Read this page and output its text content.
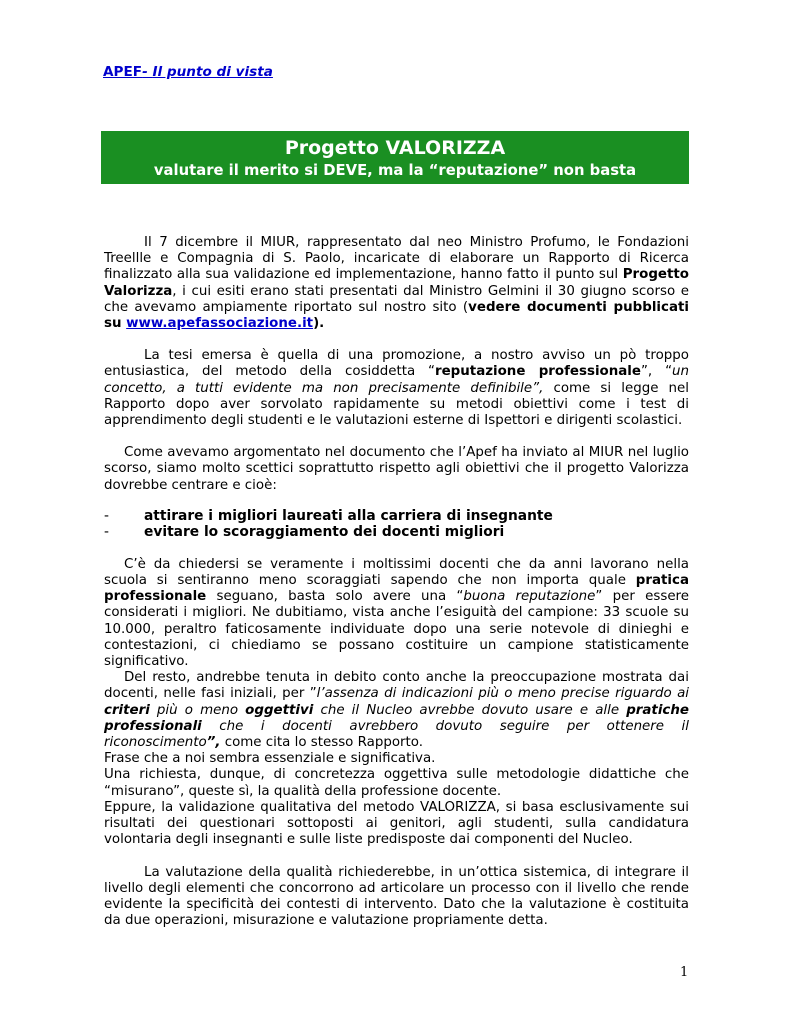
APEF- Il punto di vista
Progetto VALORIZZA
valutare il merito si DEVE, ma la “reputazione” non basta

Il 7 dicembre il MIUR, rappresentato dal neo Ministro Profumo, le Fondazioni Treellle e Compagnia di S. Paolo, incaricate di elaborare un Rapporto di Ricerca finalizzato alla sua validazione ed implementazione, hanno fatto il punto sul Progetto Valorizza, i cui esiti erano stati presentati dal Ministro Gelmini il 30 giugno scorso e che avevamo ampiamente riportato sul nostro sito (vedere documenti pubblicati su www.apefassociazione.it).

La tesi emersa è quella di una promozione, a nostro avviso un pò troppo entusiastica, del metodo della cosiddetta “reputazione professionale”, “un concetto, a tutti evidente ma non precisamente definibile”, come si legge nel Rapporto dopo aver sorvolato rapidamente su metodi obiettivi come i test di apprendimento degli studenti e le valutazioni esterne di Ispettori e dirigenti scolastici.

Come avevamo argomentato nel documento che l’Apef ha inviato al MIUR nel luglio scorso, siamo molto scettici soprattutto rispetto agli obiettivi che il progetto Valorizza dovrebbe centrare e cioè:

- attirare i migliori laureati alla carriera di insegnante
- evitare lo scoraggiamento dei docenti migliori

C’è da chiedersi se veramente i moltissimi docenti che da anni lavorano nella scuola si sentiranno meno scoraggiati sapendo che non importa quale pratica professionale seguano, basta solo avere una “buona reputazione” per essere considerati i migliori. Ne dubitiamo, vista anche l’esiguità del campione: 33 scuole su 10.000, peraltro faticosamente individuate dopo una serie notevole di dinieghi e contestazioni, ci chiediamo se possano costituire un campione statisticamente significativo.

Del resto, andrebbe tenuta in debito conto anche la preoccupazione mostrata dai docenti, nelle fasi iniziali, per ”l’assenza di indicazioni più o meno precise riguardo ai criteri più o meno oggettivi che il Nucleo avrebbe dovuto usare e alle pratiche professionali che i docenti avrebbero dovuto seguire per ottenere il riconoscimento”, come cita lo stesso Rapporto.

Frase che a noi sembra essenziale e significativa.

Una richiesta, dunque, di concretezza oggettiva sulle metodologie didattiche che “misurano”, queste sì, la qualità della professione docente.

Eppure, la validazione qualitativa del metodo VALORIZZA, si basa esclusivamente sui risultati dei questionari sottoposti ai genitori, agli studenti, sulla candidatura volontaria degli insegnanti e sulle liste predisposte dai componenti del Nucleo.

La valutazione della qualità richiederebbe, in un’ottica sistemica, di integrare il livello degli elementi che concorrono ad articolare un processo con il livello che rende evidente la specificità dei contesti di intervento. Dato che la valutazione è costituita da due operazioni, misurazione e valutazione propriamente detta.

1
